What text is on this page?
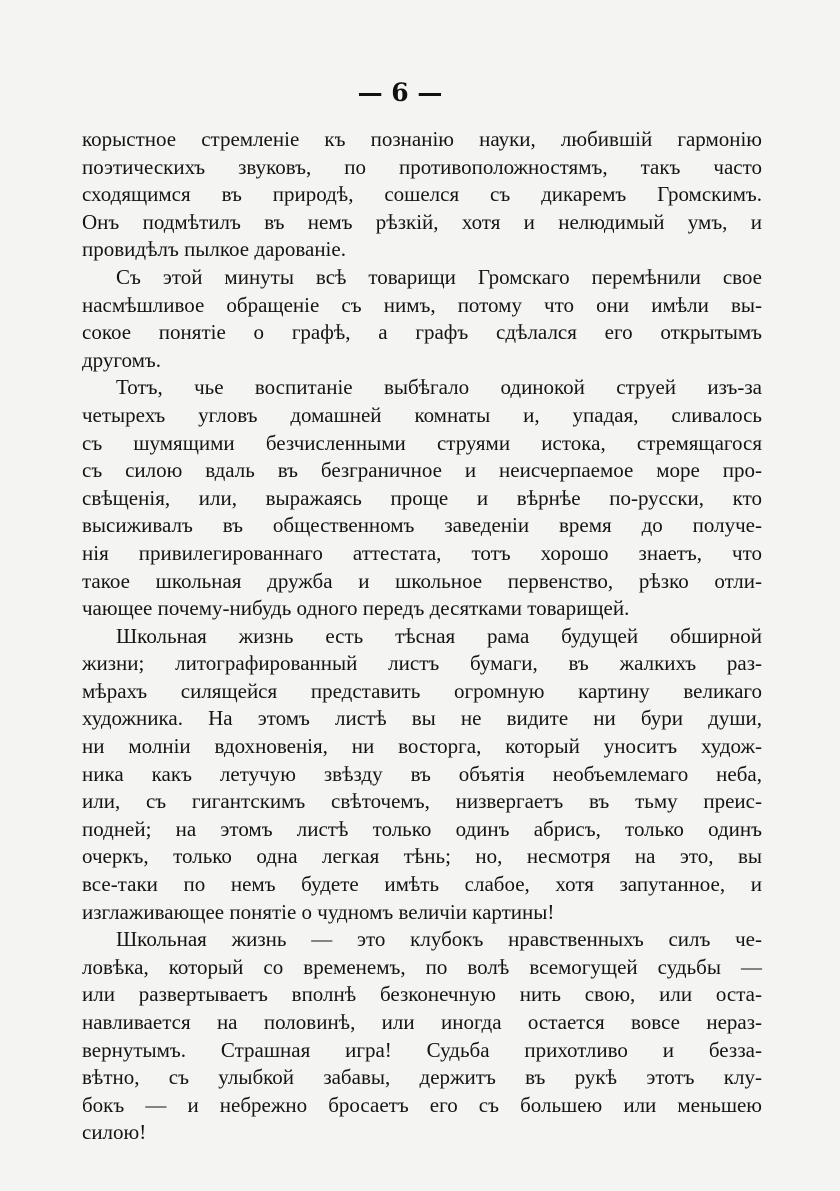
— 6 —
корыстное стремленіе къ познанію науки, любившій гармонію
поэтическихъ звуковъ, по противоположностямъ, такъ часто
сходящимся въ природѣ, сошелся съ дикаремъ Громскимъ.
Онъ подмѣтилъ въ немъ рѣзкій, хотя и нелюдимый умъ, и
провидѣлъ пылкое дарованіе.
Съ этой минуты всѣ товарищи Громскаго перемѣнили свое
насмѣшливое обращеніе съ нимъ, потому что они имѣли вы-
сокое понятіе о графѣ, а графъ сдѣлался его открытымъ
другомъ.
Тотъ, чье воспитаніе выбѣгало одинокой струей изъ-за
четырехъ угловъ домашней комнаты и, упадая, сливалось
съ шумящими безчисленными струями истока, стремящагося
съ силою вдаль въ безграничное и неисчерпаемое море про-
свѣщенія, или, выражаясь проще и вѣрнѣе по-русски, кто
высиживалъ въ общественномъ заведеніи время до получе-
нія привилегированнаго аттестата, тотъ хорошо знаетъ, что
такое школьная дружба и школьное первенство, рѣзко отли-
чающее почему-нибудь одного передъ десятками товарищей.
Школьная жизнь есть тѣсная рама будущей обширной
жизни; литографированный листъ бумаги, въ жалкихъ раз-
мѣрахъ силящейся представить огромную картину великаго
художника. На этомъ листѣ вы не видите ни бури души,
ни молніи вдохновенія, ни восторга, который уноситъ худож-
ника какъ летучую звѣзду въ объятія необъемлемаго неба,
или, съ гигантскимъ свѣточемъ, низвергаетъ въ тьму преис-
подней; на этомъ листѣ только одинъ абрисъ, только одинъ
очеркъ, только одна легкая тѣнь; но, несмотря на это, вы
все-таки по немъ будете имѣть слабое, хотя запутанное, и
изглаживающее понятіе о чудномъ величіи картины!
Школьная жизнь — это клубокъ нравственныхъ силъ че-
ловѣка, который со временемъ, по волѣ всемогущей судьбы —
или развертываетъ вполнѣ безконечную нить свою, или оста-
навливается на половинѣ, или иногда остается вовсе нераз-
вернутымъ. Страшная игра! Судьба прихотливо и безза-
вѣтно, съ улыбкой забавы, держитъ въ рукѣ этотъ клу-
бокъ — и небрежно бросаетъ его съ большею или меньшею
силою!
